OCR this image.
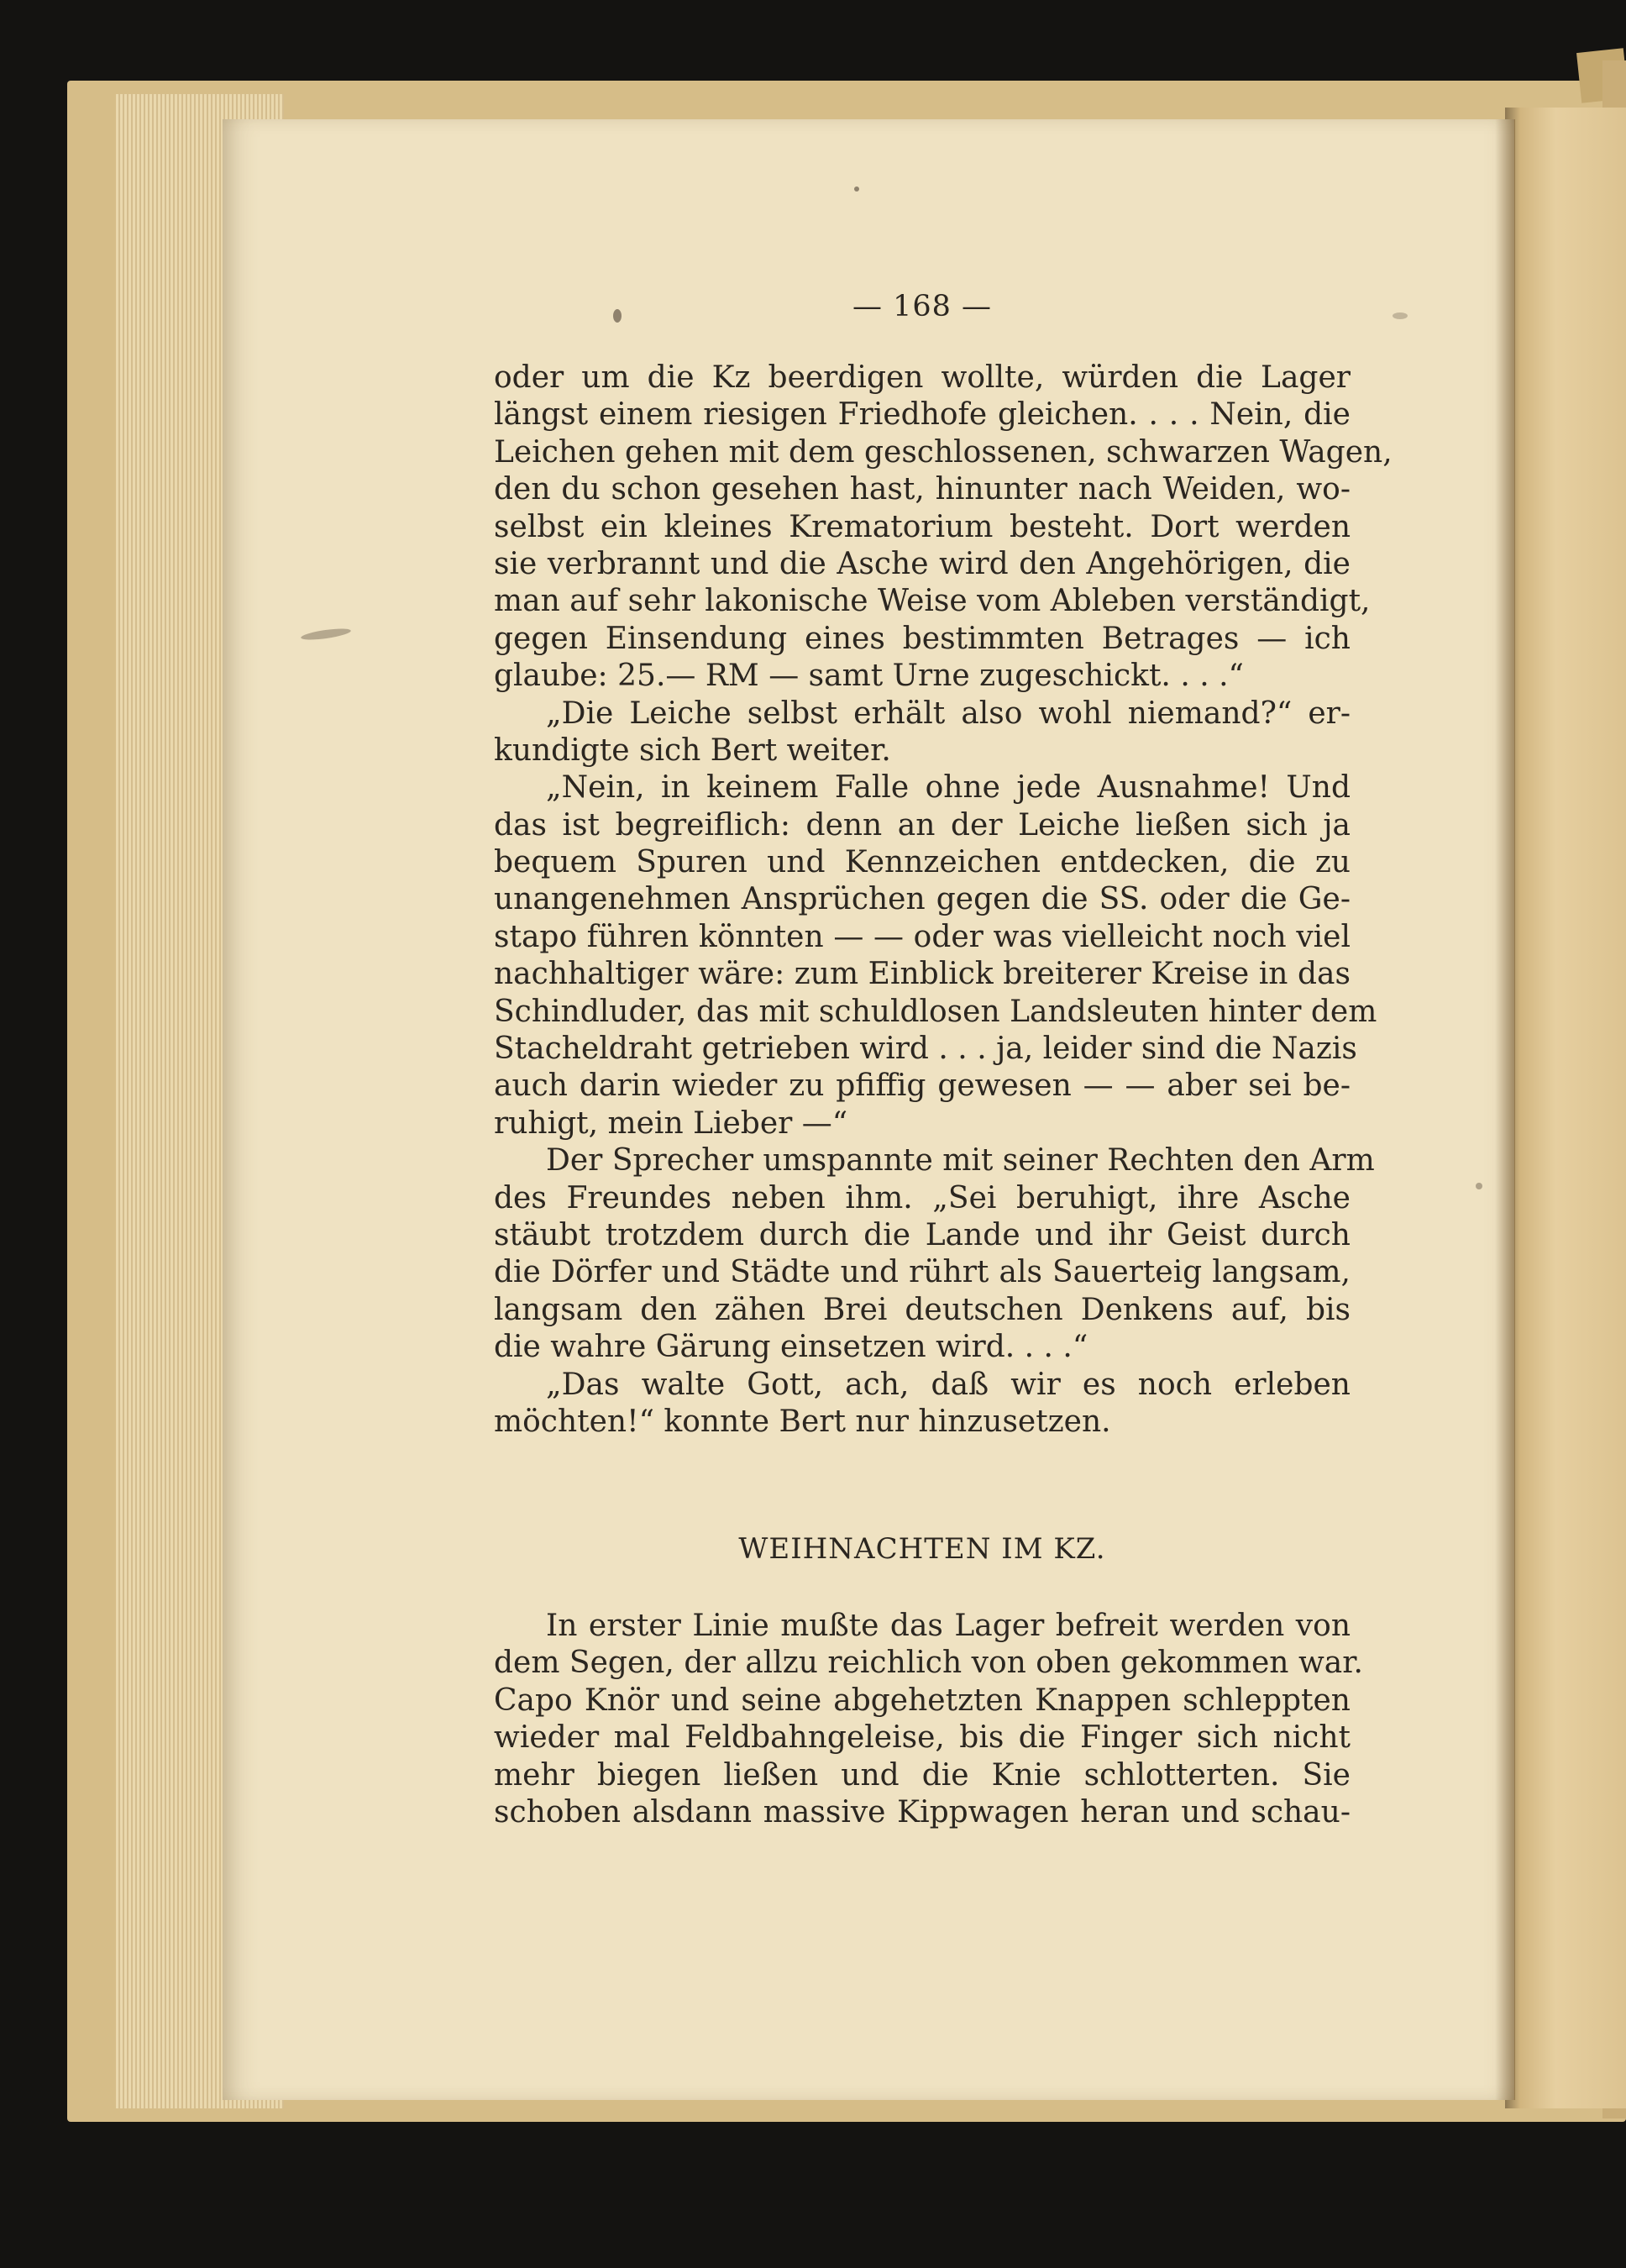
— 168 —
oder um die Kz beerdigen wollte, würden die Lager
längst einem riesigen Friedhofe gleichen. . . . Nein, die
Leichen gehen mit dem geschlossenen, schwarzen Wagen,
den du schon gesehen hast, hinunter nach Weiden, wo-
selbst ein kleines Krematorium besteht. Dort werden
sie verbrannt und die Asche wird den Angehörigen, die
man auf sehr lakonische Weise vom Ableben verständigt,
gegen Einsendung eines bestimmten Betrages — ich
glaube: 25.— RM — samt Urne zugeschickt. . . .“
„Die Leiche selbst erhält also wohl niemand?“ er-
kundigte sich Bert weiter.
„Nein, in keinem Falle ohne jede Ausnahme! Und
das ist begreiflich: denn an der Leiche ließen sich ja
bequem Spuren und Kennzeichen entdecken, die zu
unangenehmen Ansprüchen gegen die SS. oder die Ge-
stapo führen könnten — — oder was vielleicht noch viel
nachhaltiger wäre: zum Einblick breiterer Kreise in das
Schindluder, das mit schuldlosen Landsleuten hinter dem
Stacheldraht getrieben wird . . . ja, leider sind die Nazis
auch darin wieder zu pfiffig gewesen — — aber sei be-
ruhigt, mein Lieber —“
Der Sprecher umspannte mit seiner Rechten den Arm
des Freundes neben ihm. „Sei beruhigt, ihre Asche
stäubt trotzdem durch die Lande und ihr Geist durch
die Dörfer und Städte und rührt als Sauerteig langsam,
langsam den zähen Brei deutschen Denkens auf, bis
die wahre Gärung einsetzen wird. . . .“
„Das walte Gott, ach, daß wir es noch erleben
möchten!“ konnte Bert nur hinzusetzen.
WEIHNACHTEN IM KZ.
In erster Linie mußte das Lager befreit werden von
dem Segen, der allzu reichlich von oben gekommen war.
Capo Knör und seine abgehetzten Knappen schleppten
wieder mal Feldbahngeleise, bis die Finger sich nicht
mehr biegen ließen und die Knie schlotterten. Sie
schoben alsdann massive Kippwagen heran und schau-
